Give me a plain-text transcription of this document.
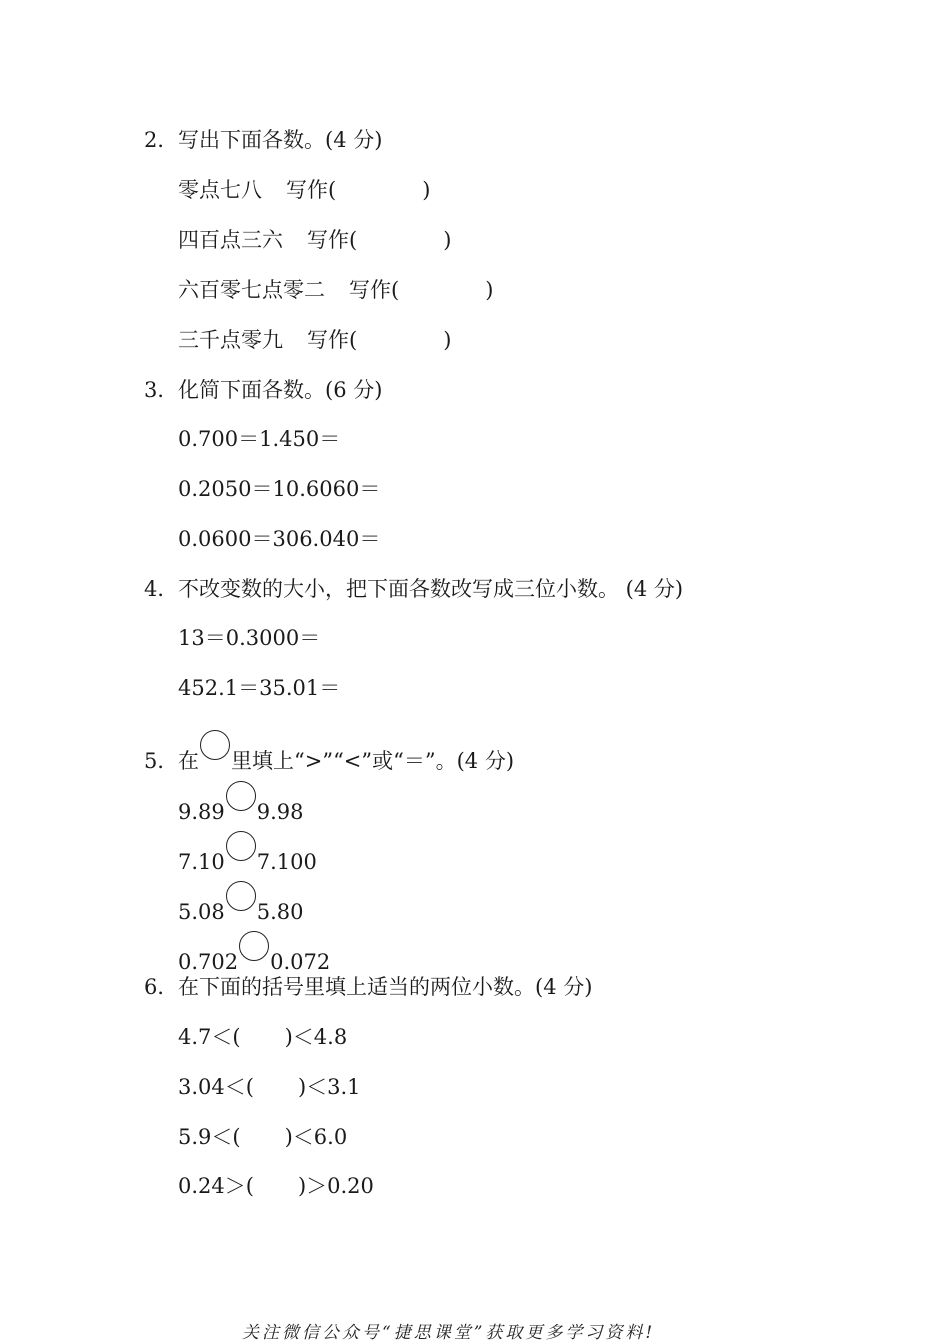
2．写出下面各数。(4 分)
零点七八 写作(	)
四百点三六 写作(	)
六百零七点零二 写作(	)
三千点零九 写作(	)
3．化简下面各数。(6 分)
0.700＝1.450＝
0.2050＝10.6060＝
0.0600＝306.040＝
4．不改变数的大小，把下面各数改写成三位小数。 (4 分)
13＝0.3000＝
452.1＝35.01＝
5．在 里填上“>”“<”或“＝”。(4 分)
9.89 9.98
7.10 7.100
5.08 5.80
0.702 0.072
6．在下面的括号里填上适当的两位小数。(4 分)
4.7＜( )＜4.8
3.04＜( )＜3.1
5.9＜( )＜6.0
0.24＞( )＞0.20
关注微信公众号“捷思课堂”获取更多学习资料!
